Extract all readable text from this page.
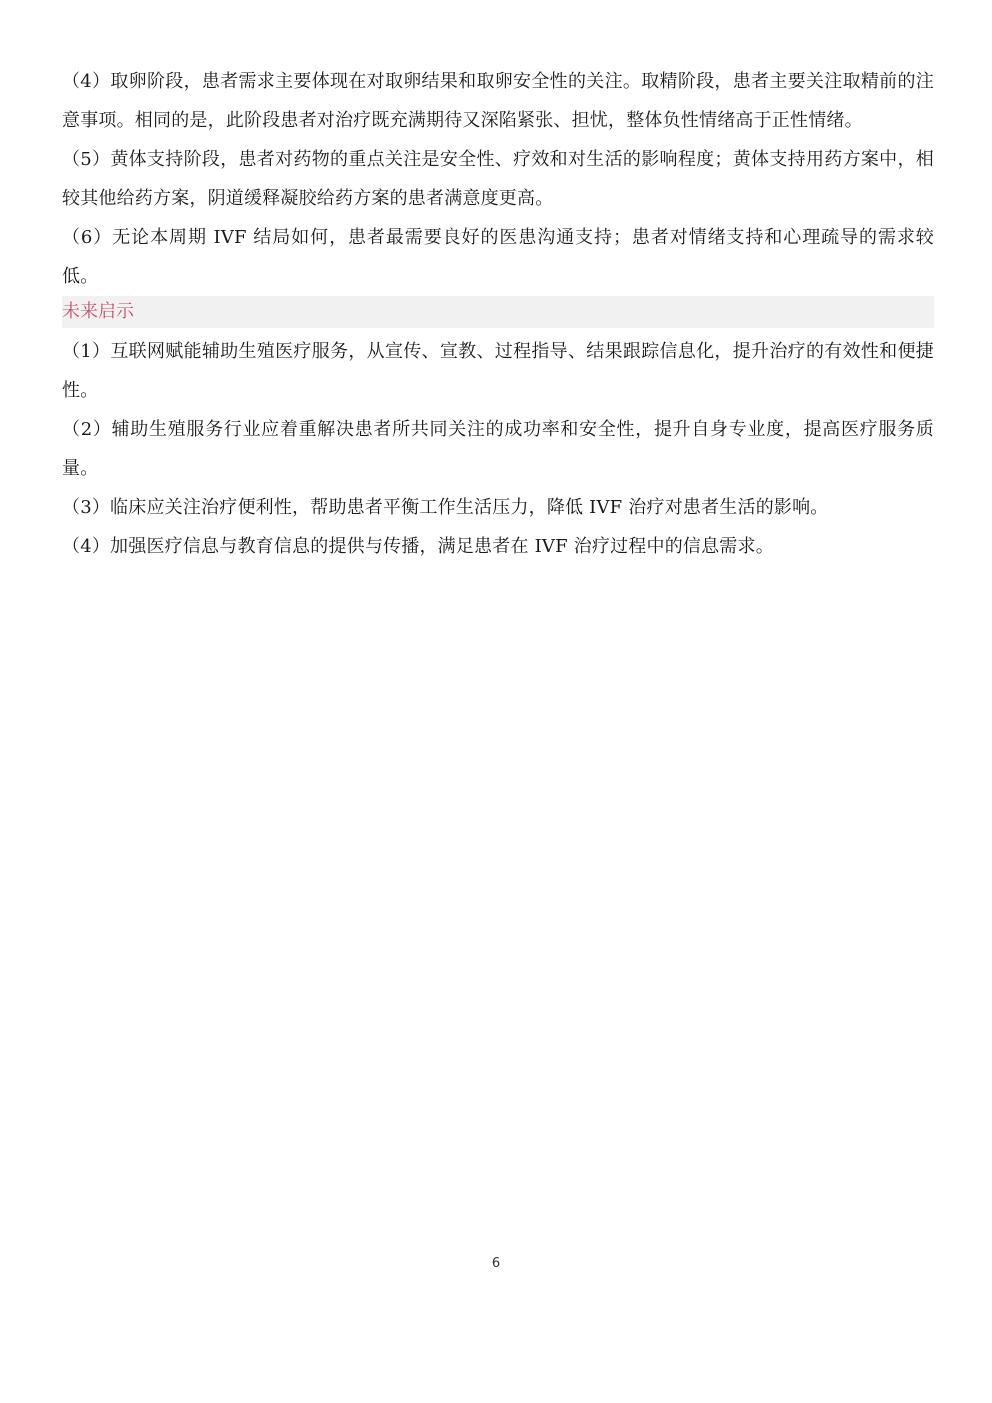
（4）取卵阶段，患者需求主要体现在对取卵结果和取卵安全性的关注。取精阶段，患者主要关注取精前的注意事项。相同的是，此阶段患者对治疗既充满期待又深陷紧张、担忧，整体负性情绪高于正性情绪。

（5）黄体支持阶段，患者对药物的重点关注是安全性、疗效和对生活的影响程度；黄体支持用药方案中，相较其他给药方案，阴道缓释凝胶给药方案的患者满意度更高。

（6）无论本周期 IVF 结局如何，患者最需要良好的医患沟通支持；患者对情绪支持和心理疏导的需求较低。

未来启示

（1）互联网赋能辅助生殖医疗服务，从宣传、宣教、过程指导、结果跟踪信息化，提升治疗的有效性和便捷性。

（2）辅助生殖服务行业应着重解决患者所共同关注的成功率和安全性，提升自身专业度，提高医疗服务质量。

（3）临床应关注治疗便利性，帮助患者平衡工作生活压力，降低 IVF 治疗对患者生活的影响。

（4）加强医疗信息与教育信息的提供与传播，满足患者在 IVF 治疗过程中的信息需求。

6
